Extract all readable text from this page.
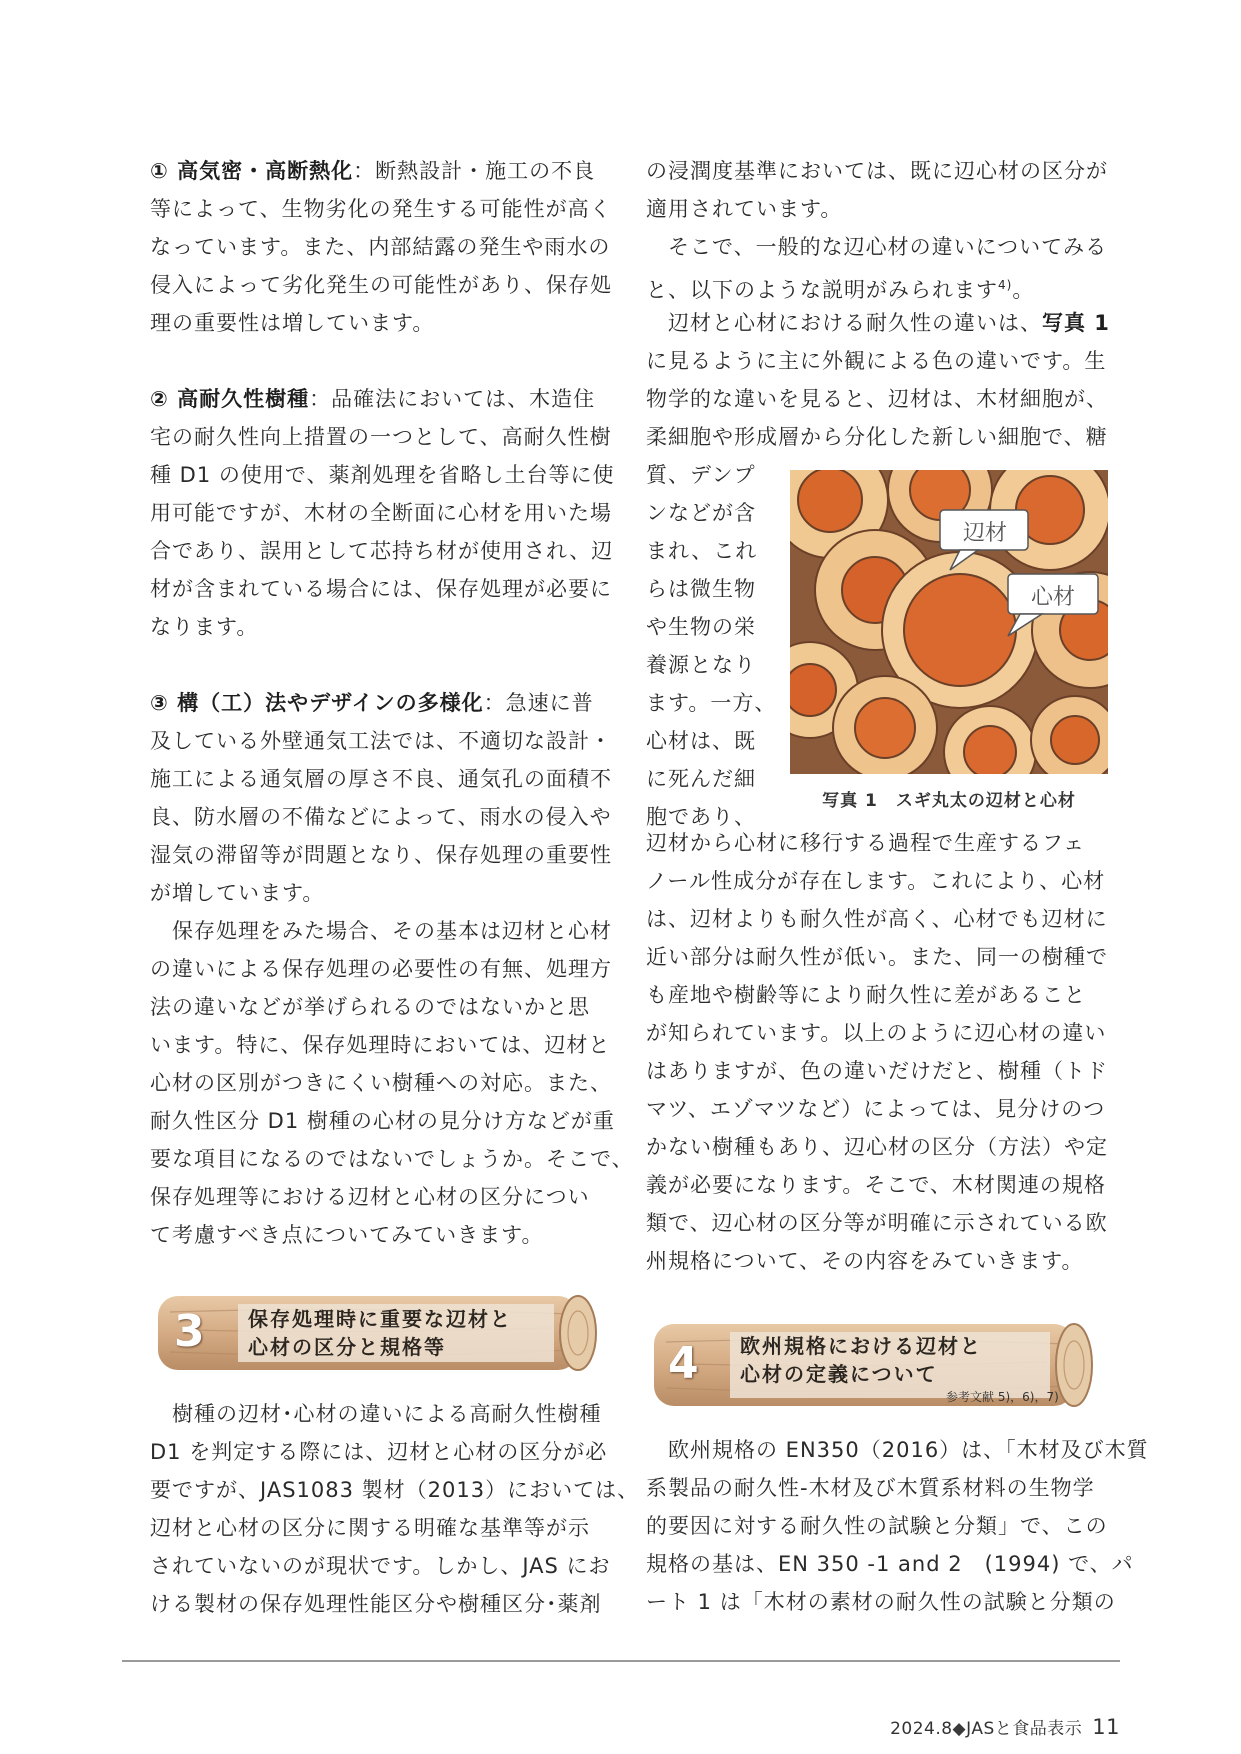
① 高気密・高断熱化：断熱設計・施工の不良
等によって、生物劣化の発生する可能性が高く
なっています。また、内部結露の発生や雨水の
侵入によって劣化発生の可能性があり、保存処
理の重要性は増しています。
② 高耐久性樹種：品確法においては、木造住
宅の耐久性向上措置の一つとして、高耐久性樹
種 D1 の使用で、薬剤処理を省略し土台等に使
用可能ですが、木材の全断面に心材を用いた場
合であり、誤用として芯持ち材が使用され、辺
材が含まれている場合には、保存処理が必要に
なります。
③ 構（工）法やデザインの多様化：急速に普
及している外壁通気工法では、不適切な設計・
施工による通気層の厚さ不良、通気孔の面積不
良、防水層の不備などによって、雨水の侵入や
湿気の滞留等が問題となり、保存処理の重要性
が増しています。
　保存処理をみた場合、その基本は辺材と心材
の違いによる保存処理の必要性の有無、処理方
法の違いなどが挙げられるのではないかと思
います。特に、保存処理時においては、辺材と
心材の区別がつきにくい樹種への対応。また、
耐久性区分 D1 樹種の心材の見分け方などが重
要な項目になるのではないでしょうか。そこで、
保存処理等における辺材と心材の区分につい
て考慮すべき点についてみていきます。
3 保存処理時に重要な辺材と
心材の区分と規格等
　樹種の辺材･心材の違いによる高耐久性樹種
D1 を判定する際には、辺材と心材の区分が必
要ですが、JAS1083 製材（2013）においては、
辺材と心材の区分に関する明確な基準等が示
されていないのが現状です。しかし、JAS にお
ける製材の保存処理性能区分や樹種区分･薬剤
の浸潤度基準においては、既に辺心材の区分が
適用されています。
　そこで、一般的な辺心材の違いについてみる
と、以下のような説明がみられます$^{4)}$。
　辺材と心材における耐久性の違いは、写真 1
に見るように主に外観による色の違いです。生
物学的な違いを見ると、辺材は、木材細胞が、
柔細胞や形成層から分化した新しい細胞で、糖
質、デンプ
ンなどが含
まれ、これ
らは微生物
や生物の栄
養源となり
ます。一方、
心材は、既
に死んだ細
胞であり、
辺材
心材
写真 1　スギ丸太の辺材と心材
辺材から心材に移行する過程で生産するフェ
ノール性成分が存在します。これにより、心材
は、辺材よりも耐久性が高く、心材でも辺材に
近い部分は耐久性が低い。また、同一の樹種で
も産地や樹齢等により耐久性に差があること
が知られています。以上のように辺心材の違い
はありますが、色の違いだけだと、樹種（トド
マツ、エゾマツなど）によっては、見分けのつ
かない樹種もあり、辺心材の区分（方法）や定
義が必要になります。そこで、木材関連の規格
類で、辺心材の区分等が明確に示されている欧
州規格について、その内容をみていきます。
4 欧州規格における辺材と
心材の定義について
参考文献 5)，6)，7)
　欧州規格の EN350（2016）は、「木材及び木質
系製品の耐久性-木材及び木質系材料の生物学
的要因に対する耐久性の試験と分類」で、この
規格の基は、EN 350 -1 and 2　(1994) で、パ
ート 1 は「木材の素材の耐久性の試験と分類の
2024.8◆JASと食品表示 11
